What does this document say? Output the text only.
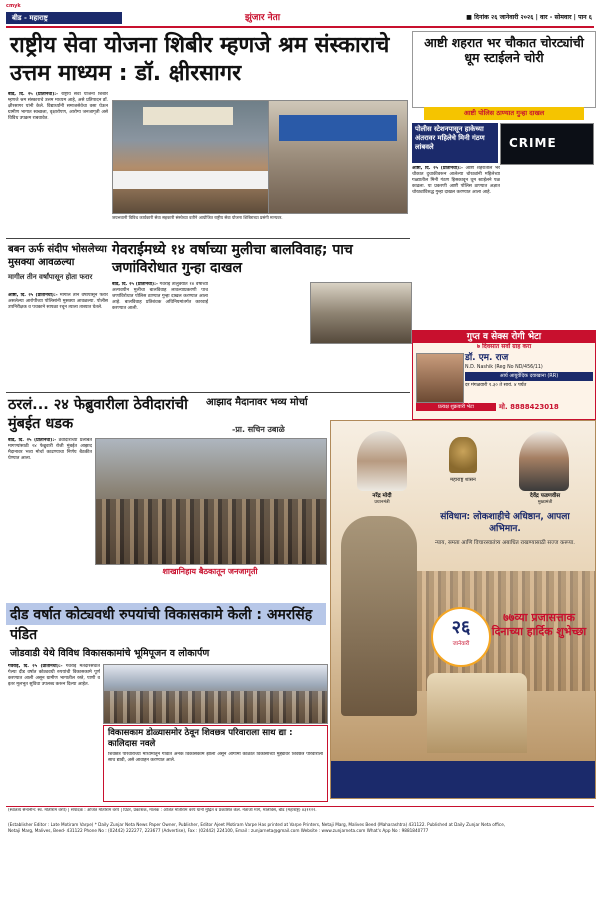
cmyk
बीड - महाराष्ट्र	झुंजार नेता	■ दिनांक २६ जानेवारी २०२६ | वार - सोमवार | पान ६
राष्ट्रीय सेवा योजना शिबीर म्हणजे श्रम संस्काराचे उत्तम माध्यम : डॉ. क्षीरसागर
आष्टी शहरात भर चौकात चोरट्यांची धूम स्टाईलने चोरी
आष्टी पोलिस ठाण्यात गुन्हा दाखल
बीड, दि. २५ (प्रतिनिधी):- राष्ट्रीय सेवा योजना शिबीर म्हणजे श्रम संस्काराचे उत्तम माध्यम आहे, असे प्रतिपादन डॉ. क्षीरसागर यांनी केले. विद्यार्थ्यांनी समाजसेवेचा वसा घेऊन ग्रामीण भागात स्वच्छता, वृक्षारोपण, आरोग्य जनजागृती असे विविध उपक्रम राबवावेत.
जयभवानी विविध कार्यकारी सेवा सहकारी संस्थेच्या वतीने आयोजित राष्ट्रीय सेवा योजना शिबिराच्या प्रसंगी मान्यवर.
पोलीस स्टेशनपासून हाकेच्या अंतरावर महिलेचे मिनी गंठण लांबवले	CRIME
आष्टी, दि. २५ (प्रतिनिधी):- आष्टी शहरातील भर चौकात दुचाकीवरून आलेल्या चोरट्यांनी महिलेच्या गळ्यातील मिनी गंठण हिसकावून धूम स्टाईलने पळ काढला. या प्रकरणी आष्टी पोलिस ठाण्यात अज्ञात चोरट्यांविरुद्ध गुन्हा दाखल करण्यात आला आहे.
बबन ऊर्फ संदीप भोसलेच्या मुसक्या आवळल्या
मागील तीन वर्षांपासून होता फरार
आष्टी, दि. २५ (प्रतिनिधी):- मागील तीन वर्षांपासून फरार असलेल्या आरोपीच्या पोलिसांनी मुसक्या आवळल्या. पोलीस उपनिरीक्षक व पथकाने सापळा रचून त्याला ताब्यात घेतले.
गेवराईमध्ये १४ वर्षाच्या मुलीचा बालविवाह; पाच जणांविरोधात गुन्हा दाखल
बीड, दि. २५ (प्रतिनिधी):- गेवराई तालुक्यात १४ वर्षाच्या अल्पवयीन मुलीचा बालविवाह लावल्याप्रकरणी पाच जणांविरोधात पोलिस ठाण्यात गुन्हा दाखल करण्यात आला आहे. बालविवाह प्रतिबंधक अधिनियमांतर्गत कारवाई करण्यात आली.
गुप्त व सेक्स रोगी भेटा
७ दिवसात सर्वो ग्राह करा
डॉ. एम. राज
N.D. Nashik (Reg No ND/456/11)
आर्य आयुर्वेदिक दवाखाना (RR)
दर मंगळवारी १.३० ते सायं. ४ पर्यंत
प्रत्यक्ष शुक्रवारी भेटा	मो. 8888423018
ठरलं... २४ फेब्रुवारीला ठेवीदारांची मुंबईत धडक
आझाद मैदानावर भव्य मोर्चा
-प्रा. सचिन उबाळे
बीड, दि. २५ (प्रतिनिधी):- ठेवीदारांच्या प्रलंबित मागण्यांसाठी २४ फेब्रुवारी रोजी मुंबईत आझाद मैदानावर भव्य मोर्चा काढण्याचा निर्णय बैठकीत घेण्यात आला.
शाखानिहाय बैठकातून जनजागृती
नरेंद्र मोदी
प्रधानमंत्री
महाराष्ट्र शासन
देवेंद्र फडणवीस
मुख्यमंत्री
संविधान: लोकशाहीचे अधिष्ठान, आपला अभिमान.
न्याय, समता आणि विचारस्वातंत्र्य अबाधित राखण्यासाठी सज्ज करूया.
२६
जानेवारी
७७व्या प्रजासत्ताक दिनाच्या हार्दिक शुभेच्छा
दीड वर्षात कोट्यवधी रुपयांची विकासकामे केली : अमरसिंह पंडित
जोडवाडी येथे विविध विकासकामांचे भूमिपूजन व लोकार्पण
गेवराई, दि. २५ (प्रतिनिधी):- गेवराई मतदारसंघात गेल्या दीड वर्षात कोट्यवधी रुपयांची विकासकामे पूर्ण करण्यात आली असून ग्रामीण भागातील रस्ते, पाणी व इतर मूलभूत सुविधा उपलब्ध करून दिल्या आहेत.
विकासकाम डोळ्यासमोर ठेवून शिवछत्र परिवाराला साथ द्या : कालिदास नवले
शिवछत्र परिवाराच्या माध्यमातून गावात अनेक विकासकामे झाली असून आगामी काळात विकासाच्या मुद्द्यावर शिवछत्र परिवाराला साथ द्यावी, असे आवाहन करण्यात आले.
(स्वातंत्र्य सेनानीन: स्व. मोतीराम वरपे) | संपादक : अजित मोतीराम वरपे | प्रिंटर, प्रकाशक, मालक : अजित मोतीराम वरपे यांनी मुद्रित व प्रकाशित केले. नेताजी मार्ग, मालीवेस, बीड (महाराष्ट्र) ४३११२२.
(Establisher Editor : Late Motiram Varpe) * Daily Zunjar Neta News Paper Owner, Publisher, Editor Ajeet Motiram Varpe Has printed at Varpe Printers, Netaji Marg, Malives Beed (Maharashtra) 431122. Published at Daily Zunjar Neta office,
Netaji Marg, Malives, Beed- 431122 Phone No : (02442) 222277, 223677 (Advertise), Fax : (02442) 224100, Email : zunjarneta@gmail.com Website : www.zunjarneta.com What's App No : 9881840777
